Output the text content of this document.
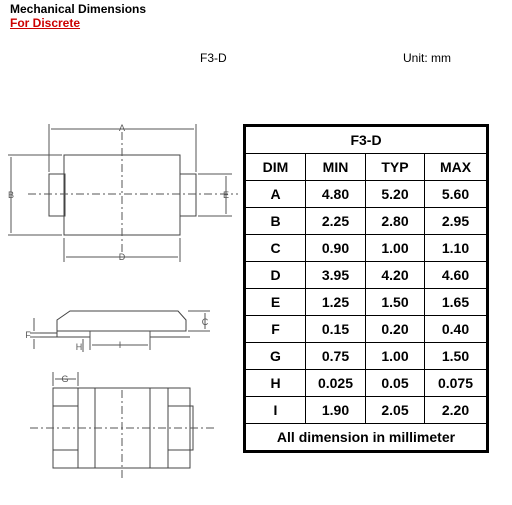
Mechanical Dimensions
For Discrete
F3-D	Unit: mm
A
B
D
E
F
H	I
C
G
F3-D			
DIM	MIN	TYP	MAX
A	4.80	5.20	5.60
B	2.25	2.80	2.95
C	0.90	1.00	1.10
D	3.95	4.20	4.60
E	1.25	1.50	1.65
F	0.15	0.20	0.40
G	0.75	1.00	1.50
H	0.025	0.05	0.075
I	1.90	2.05	2.20
All dimension in millimeter			
